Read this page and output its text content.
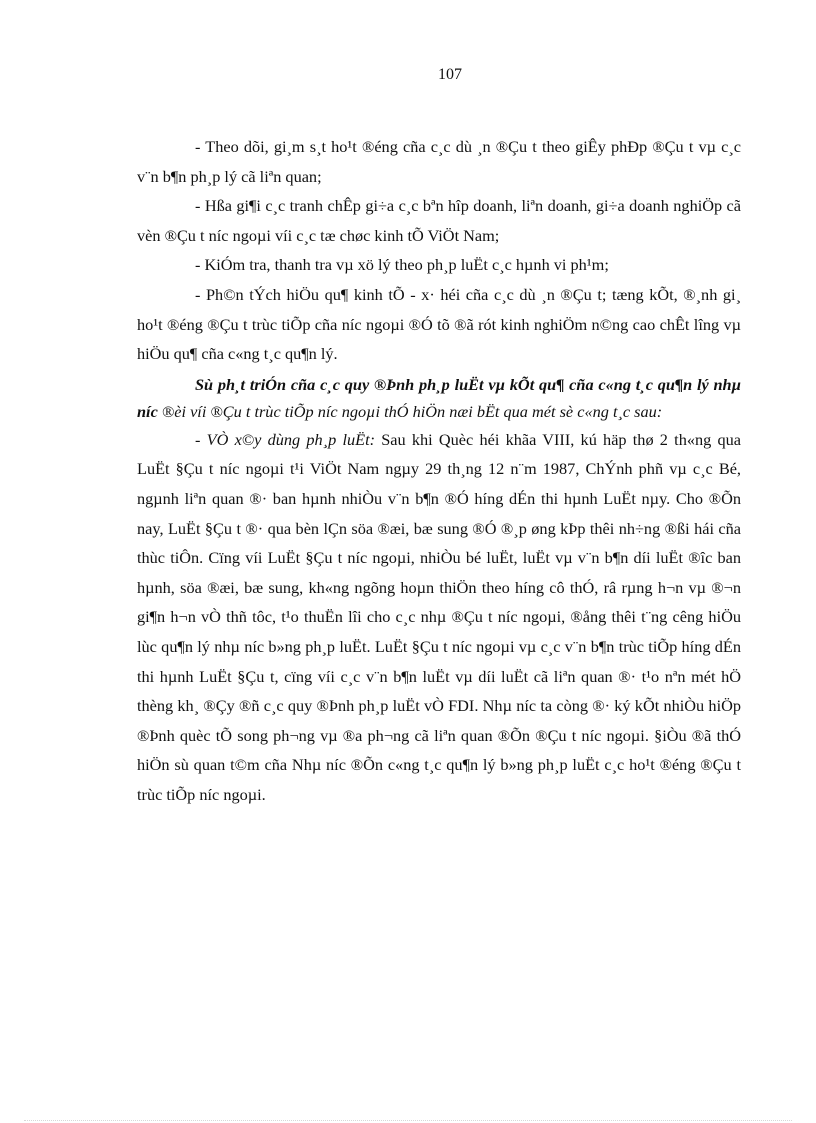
107

- Theo dõi, gi¸m s¸t ho¹t ®éng cña c¸c dù ¸n ®Çu t theo giÊy phÐp ®Çu t vµ c¸c v¨n b¶n ph¸p lý cã liªn quan;

- Hßa gi¶i c¸c tranh chÊp gi÷a c¸c bªn hîp doanh, liªn doanh, gi÷a doanh nghiÖp cã vèn ®Çu t níc ngoµi víi c¸c tæ chøc kinh tÕ ViÖt Nam;

- KiÓm tra, thanh tra vµ xö lý theo ph¸p luËt c¸c hµnh vi ph¹m;

- Ph©n tÝch hiÖu qu¶ kinh tÕ - x· héi cña c¸c dù ¸n ®Çu t; tæng kÕt, ®¸nh gi¸ ho¹t ®éng ®Çu t trùc tiÕp cña níc ngoµi ®Ó tõ ®ã rót kinh nghiÖm n©ng cao chÊt lîng vµ hiÖu qu¶ cña c«ng t¸c qu¶n lý.

Sù ph¸t triÓn cña c¸c quy ®Þnh ph¸p luËt vµ kÕt qu¶ cña c«ng t¸c qu¶n lý nhµ níc ®èi víi ®Çu t trùc tiÕp níc ngoµi thÓ hiÖn næi bËt qua mét sè c«ng t¸c sau:

- VÒ x©y dùng ph¸p luËt: Sau khi Quèc héi khãa VIII, kú häp thø 2 th«ng qua LuËt §Çu t níc ngoµi t¹i ViÖt Nam ngµy 29 th¸ng 12 n¨m 1987, ChÝnh phñ vµ c¸c Bé, ngµnh liªn quan ®· ban hµnh nhiÒu v¨n b¶n ®Ó híng dÉn thi hµnh LuËt nµy. Cho ®Õn nay, LuËt §Çu t ®· qua bèn lÇn söa ®æi, bæ sung ®Ó ®¸p øng kÞp thêi nh÷ng ®ßi hái cña thùc tiÔn. Cïng víi LuËt §Çu t níc ngoµi, nhiÒu bé luËt, luËt vµ v¨n b¶n díi luËt ®îc ban hµnh, söa ®æi, bæ sung, kh«ng ngõng hoµn thiÖn theo híng cô thÓ, râ rµng h¬n vµ ®¬n gi¶n h¬n vÒ thñ tôc, t¹o thuËn lîi cho c¸c nhµ ®Çu t níc ngoµi, ®ång thêi t¨ng cêng hiÖu lùc qu¶n lý nhµ níc b»ng ph¸p luËt. LuËt §Çu t níc ngoµi vµ c¸c v¨n b¶n trùc tiÕp híng dÉn thi hµnh LuËt §Çu t, cïng víi c¸c v¨n b¶n luËt vµ díi luËt cã liªn quan ®· t¹o nªn mét hÖ thèng kh¸ ®Çy ®ñ c¸c quy ®Þnh ph¸p luËt vÒ FDI. Nhµ níc ta còng ®· ký kÕt nhiÒu hiÖp ®Þnh quèc tÕ song ph¬ng vµ ®a ph¬ng cã liªn quan ®Õn ®Çu t níc ngoµi. §iÒu ®ã thÓ hiÖn sù quan t©m cña Nhµ níc ®Õn c«ng t¸c qu¶n lý b»ng ph¸p luËt c¸c ho¹t ®éng ®Çu t trùc tiÕp níc ngoµi.
